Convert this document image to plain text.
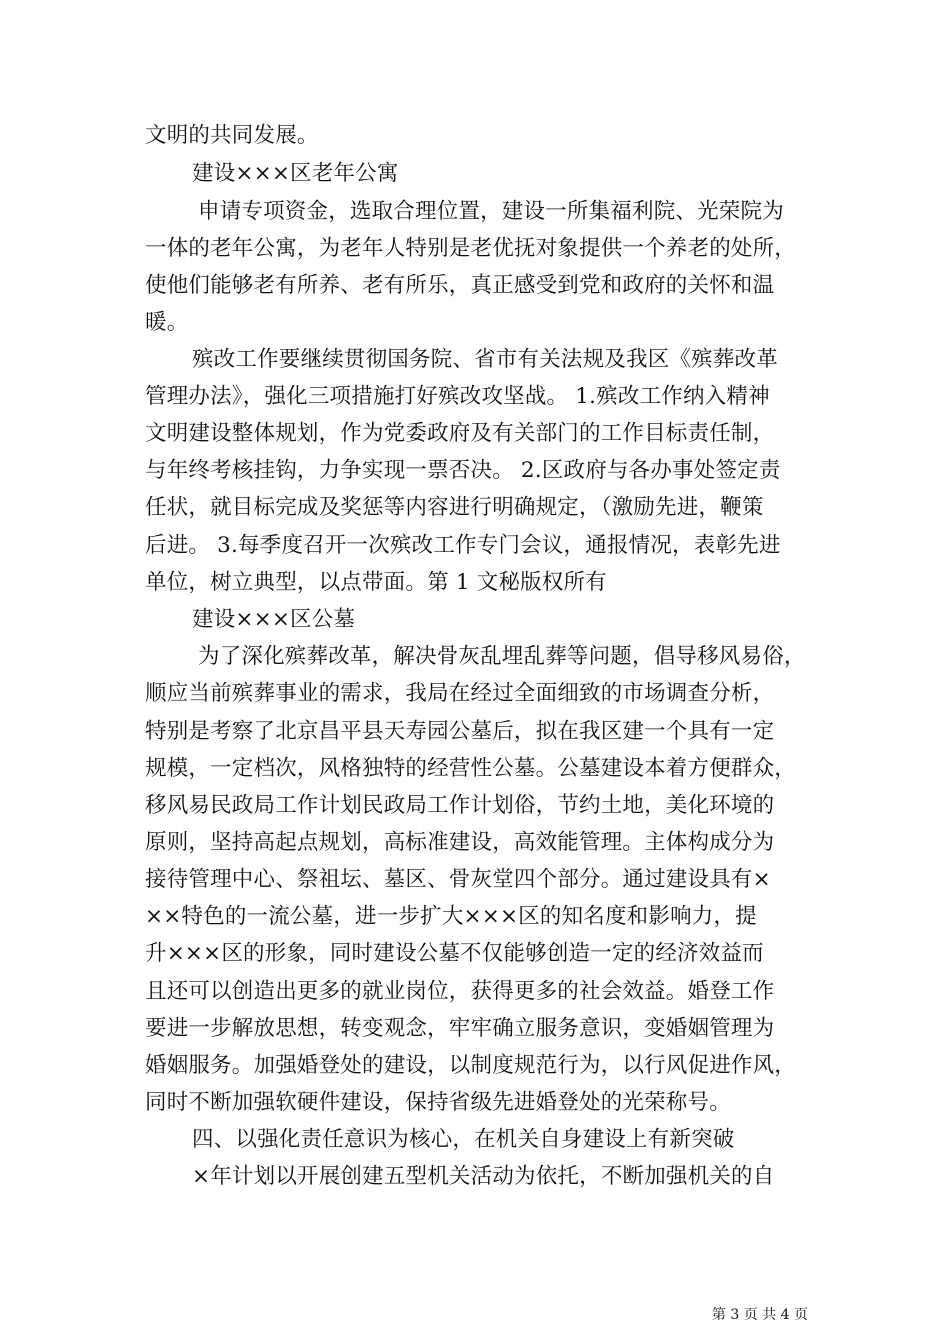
文明的共同发展。
建设×××区老年公寓
申请专项资金，选取合理位置，建设一所集福利院、光荣院为
一体的老年公寓，为老年人特别是老优抚对象提供一个养老的处所，
使他们能够老有所养、老有所乐，真正感受到党和政府的关怀和温
暖。
殡改工作要继续贯彻国务院、省市有关法规及我区《殡葬改革
管理办法》，强化三项措施打好殡改攻坚战。 1.殡改工作纳入精神
文明建设整体规划，作为党委政府及有关部门的工作目标责任制，
与年终考核挂钩，力争实现一票否决。 2.区政府与各办事处签定责
任状，就目标完成及奖惩等内容进行明确规定，（激励先进，鞭策
后进。 3.每季度召开一次殡改工作专门会议，通报情况，表彰先进
单位，树立典型，以点带面。第 1 文秘版权所有
建设×××区公墓
为了深化殡葬改革，解决骨灰乱埋乱葬等问题，倡导移风易俗，
顺应当前殡葬事业的需求，我局在经过全面细致的市场调查分析，
特别是考察了北京昌平县天寿园公墓后，拟在我区建一个具有一定
规模，一定档次，风格独特的经营性公墓。公墓建设本着方便群众，
移风易民政局工作计划民政局工作计划俗，节约土地，美化环境的
原则，坚持高起点规划，高标准建设，高效能管理。主体构成分为
接待管理中心、祭祖坛、墓区、骨灰堂四个部分。通过建设具有×
××特色的一流公墓，进一步扩大×××区的知名度和影响力，提
升×××区的形象，同时建设公墓不仅能够创造一定的经济效益而
且还可以创造出更多的就业岗位，获得更多的社会效益。婚登工作
要进一步解放思想，转变观念，牢牢确立服务意识，变婚姻管理为
婚姻服务。加强婚登处的建设，以制度规范行为，以行风促进作风，
同时不断加强软硬件建设，保持省级先进婚登处的光荣称号。
四、以强化责任意识为核心，在机关自身建设上有新突破
×年计划以开展创建五型机关活动为依托，不断加强机关的自
第 3 页 共 4 页
